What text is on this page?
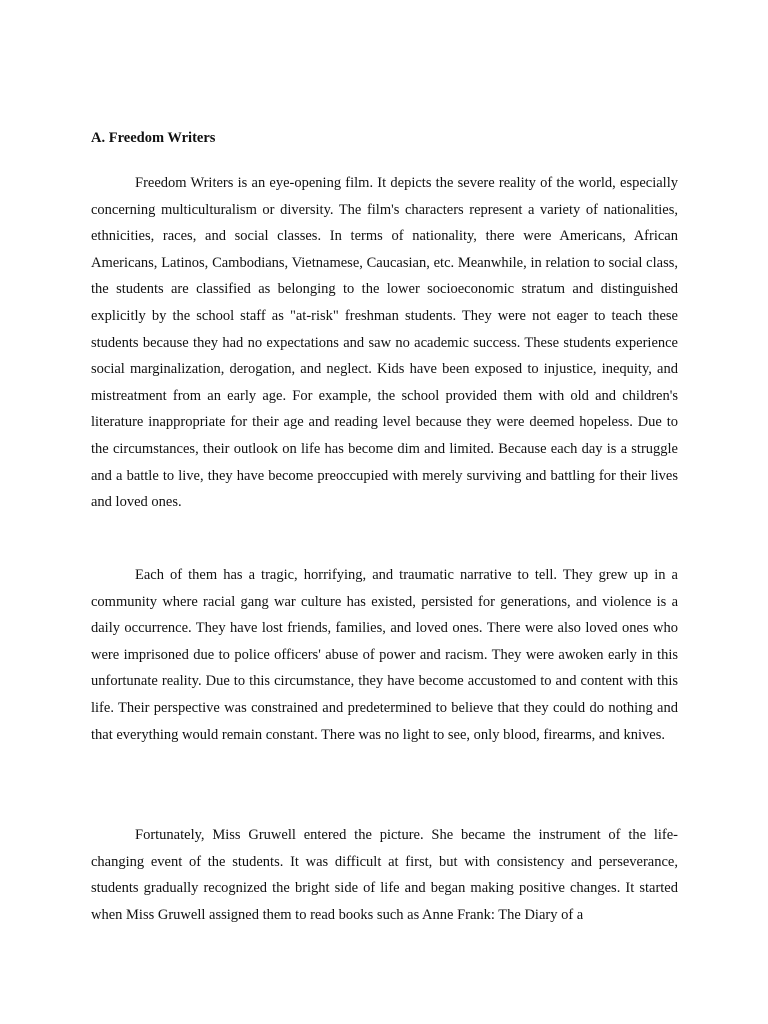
A. Freedom Writers

Freedom Writers is an eye-opening film. It depicts the severe reality of the world, especially concerning multiculturalism or diversity. The film's characters represent a variety of nationalities, ethnicities, races, and social classes. In terms of nationality, there were Americans, African Americans, Latinos, Cambodians, Vietnamese, Caucasian, etc. Meanwhile, in relation to social class, the students are classified as belonging to the lower socioeconomic stratum and distinguished explicitly by the school staff as "at-risk" freshman students. They were not eager to teach these students because they had no expectations and saw no academic success. These students experience social marginalization, derogation, and neglect. Kids have been exposed to injustice, inequity, and mistreatment from an early age. For example, the school provided them with old and children's literature inappropriate for their age and reading level because they were deemed hopeless. Due to the circumstances, their outlook on life has become dim and limited. Because each day is a struggle and a battle to live, they have become preoccupied with merely surviving and battling for their lives and loved ones.

Each of them has a tragic, horrifying, and traumatic narrative to tell. They grew up in a community where racial gang war culture has existed, persisted for generations, and violence is a daily occurrence. They have lost friends, families, and loved ones. There were also loved ones who were imprisoned due to police officers' abuse of power and racism. They were awoken early in this unfortunate reality. Due to this circumstance, they have become accustomed to and content with this life. Their perspective was constrained and predetermined to believe that they could do nothing and that everything would remain constant. There was no light to see, only blood, firearms, and knives.

Fortunately, Miss Gruwell entered the picture. She became the instrument of the life-changing event of the students. It was difficult at first, but with consistency and perseverance, students gradually recognized the bright side of life and began making positive changes. It started when Miss Gruwell assigned them to read books such as Anne Frank: The Diary of a
